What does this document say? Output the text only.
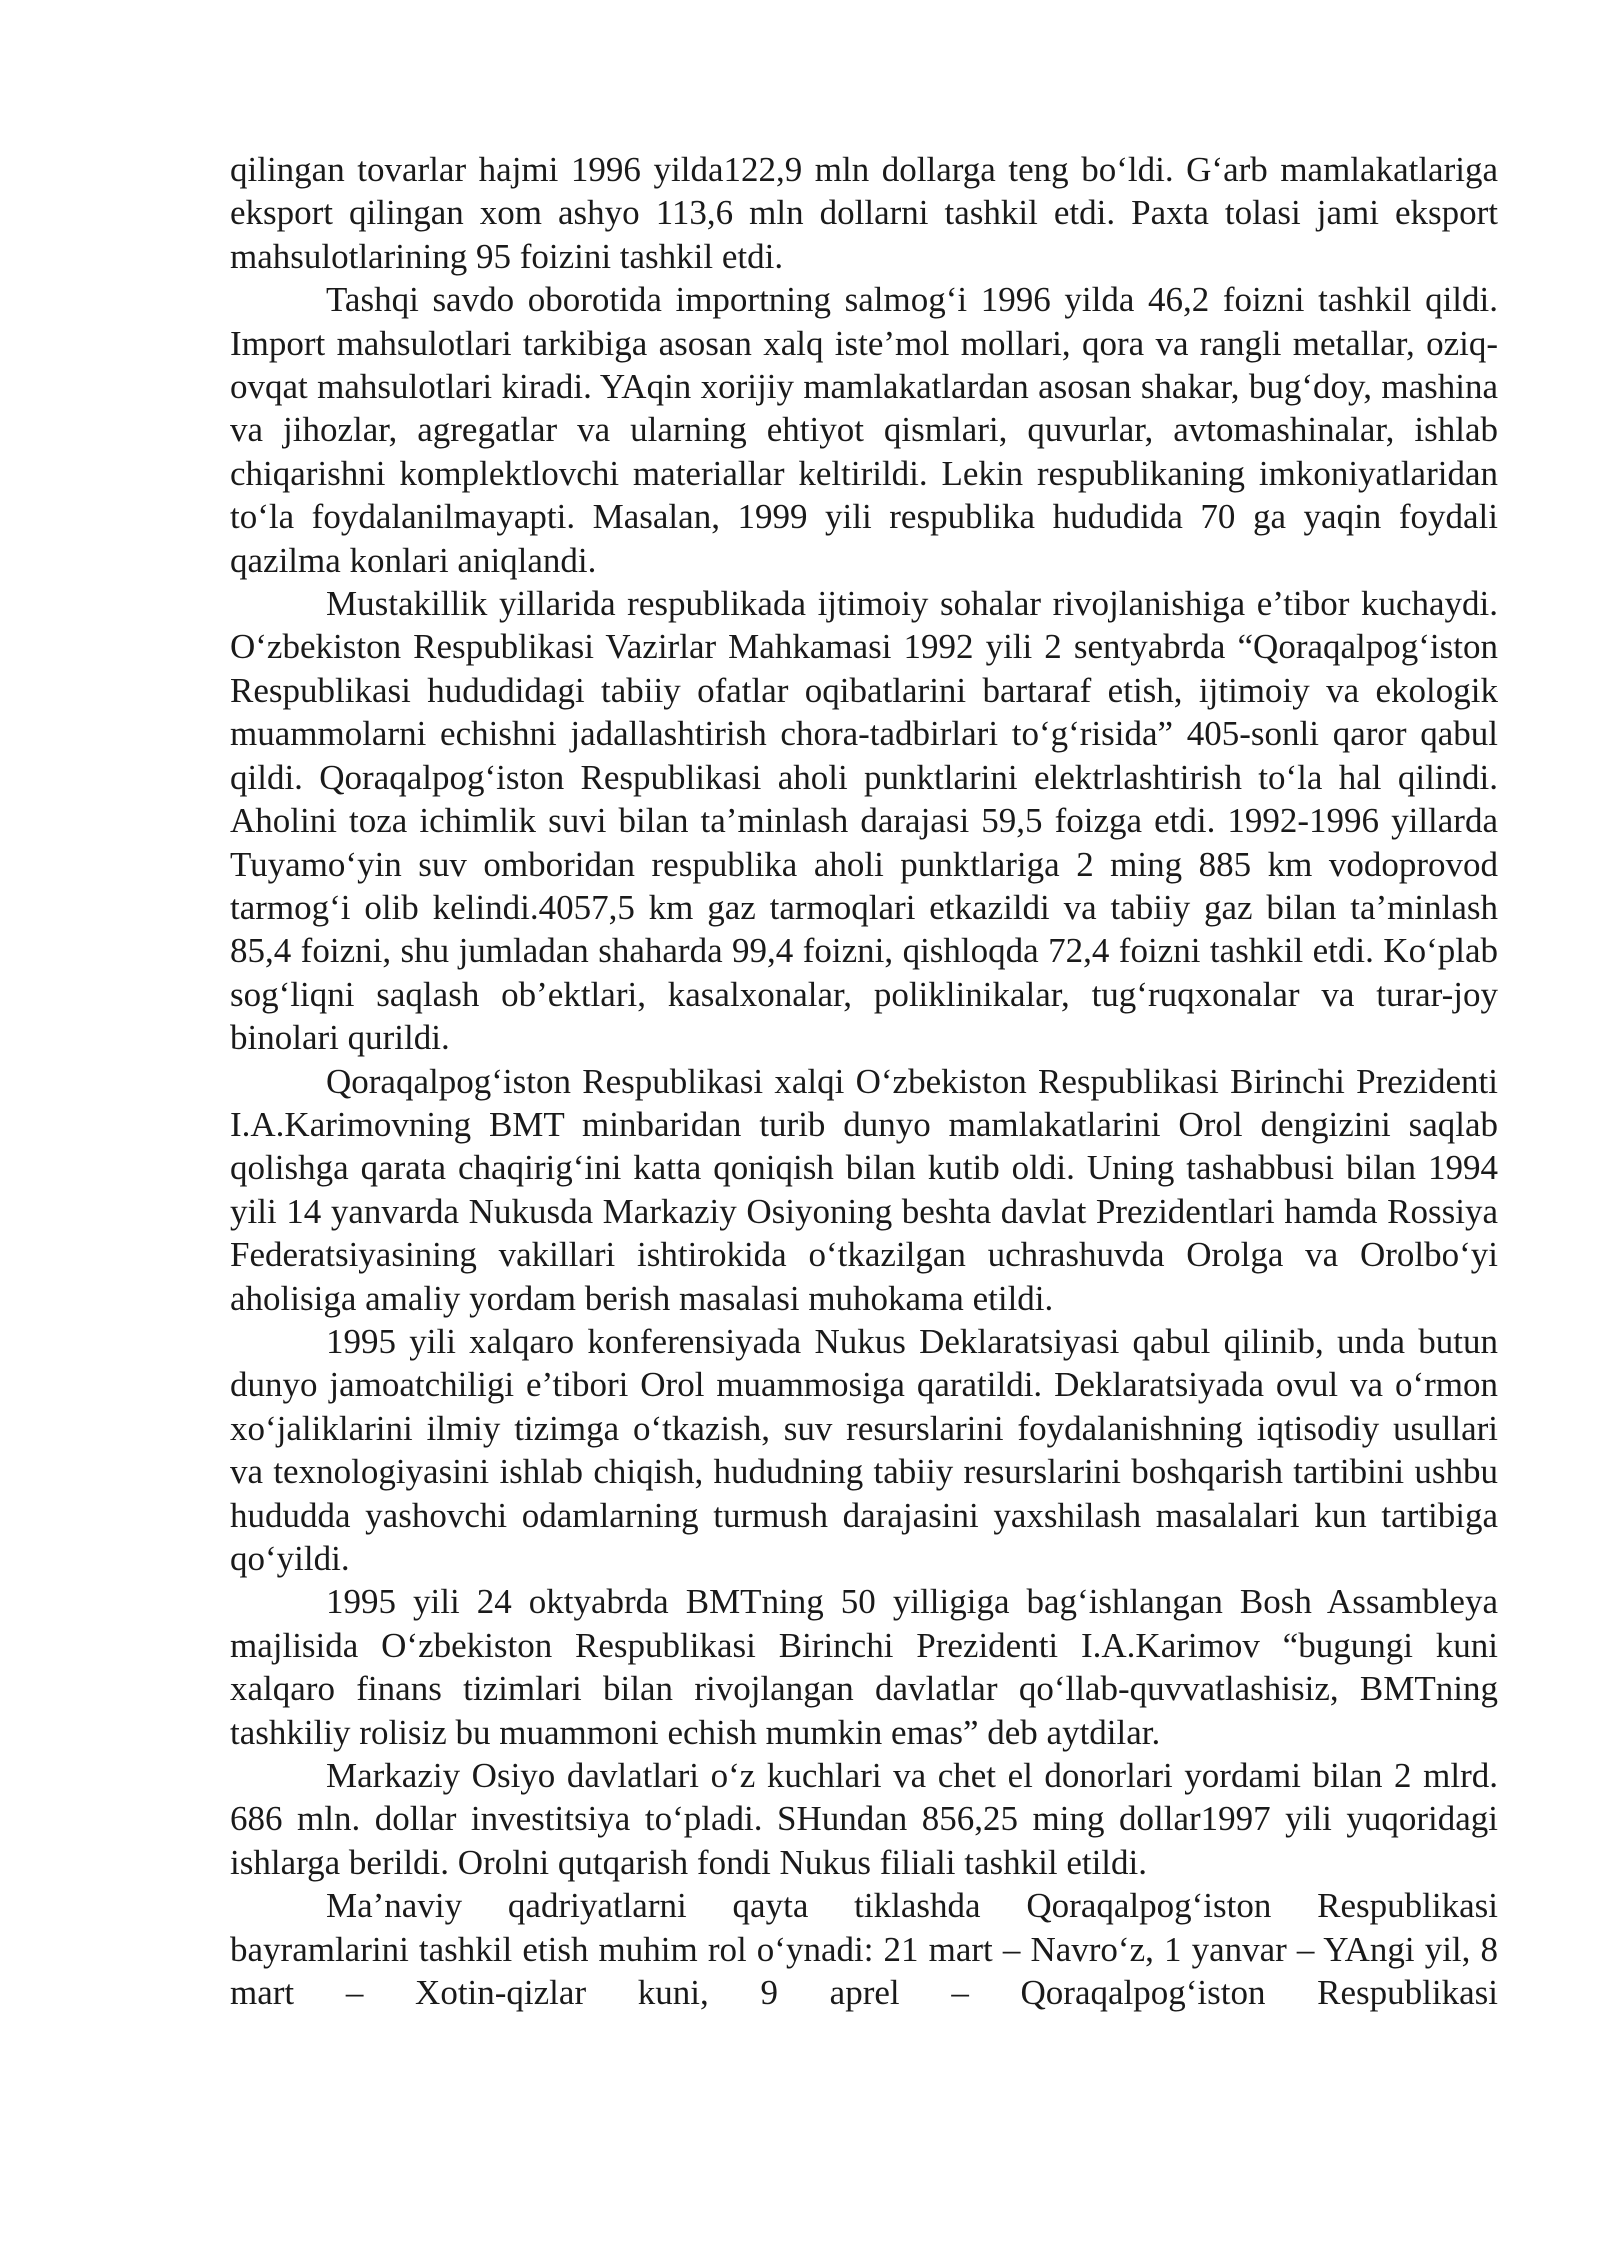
qilingan tovarlar hajmi 1996 yilda122,9 mln dollarga teng bo‘ldi. G‘arb mamlakatlariga eksport qilingan xom ashyo 113,6 mln dollarni tashkil etdi. Paxta tolasi jami eksport mahsulotlarining 95 foizini tashkil etdi.

Tashqi savdo oborotida importning salmog‘i 1996 yilda 46,2 foizni tashkil qildi. Import mahsulotlari tarkibiga asosan xalq iste’mol mollari, qora va rangli metallar, oziq-ovqat mahsulotlari kiradi. YAqin xorijiy mamlakatlardan asosan shakar, bug‘doy, mashina va jihozlar, agregatlar va ularning ehtiyot qismlari, quvurlar, avtomashinalar, ishlab chiqarishni komplektlovchi materiallar keltirildi. Lekin respublikaning imkoniyatlaridan to‘la foydalanilmayapti. Masalan, 1999 yili respublika hududida 70 ga yaqin foydali qazilma konlari aniqlandi.

Mustakillik yillarida respublikada ijtimoiy sohalar rivojlanishiga e’tibor kuchaydi. O‘zbekiston Respublikasi Vazirlar Mahkamasi 1992 yili 2 sentyabrda “Qoraqalpog‘iston Respublikasi hududidagi tabiiy ofatlar oqibatlarini bartaraf etish, ijtimoiy va ekologik muammolarni echishni jadallashtirish chora-tadbirlari to‘g‘risida” 405-sonli qaror qabul qildi. Qoraqalpog‘iston Respublikasi aholi punktlarini elektrlashtirish to‘la hal qilindi. Aholini toza ichimlik suvi bilan ta’minlash darajasi 59,5 foizga etdi. 1992-1996 yillarda Tuyamo‘yin suv omboridan respublika aholi punktlariga 2 ming 885 km vodoprovod tarmog‘i olib kelindi.4057,5 km gaz tarmoqlari etkazildi va tabiiy gaz bilan ta’minlash 85,4 foizni, shu jumladan shaharda 99,4 foizni, qishloqda 72,4 foizni tashkil etdi. Ko‘plab sog‘liqni saqlash ob’ektlari, kasalxonalar, poliklinikalar, tug‘ruqxonalar va turar-joy binolari qurildi.

Qoraqalpog‘iston Respublikasi xalqi O‘zbekiston Respublikasi Birinchi Prezidenti I.A.Karimovning BMT minbaridan turib dunyo mamlakatlarini Orol dengizini saqlab qolishga qarata chaqirig‘ini katta qoniqish bilan kutib oldi. Uning tashabbusi bilan 1994 yili 14 yanvarda Nukusda Markaziy Osiyoning beshta davlat Prezidentlari hamda Rossiya Federatsiyasining vakillari ishtirokida o‘tkazilgan uchrashuvda Orolga va Orolbo‘yi aholisiga amaliy yordam berish masalasi muhokama etildi.

1995 yili xalqaro konferensiyada Nukus Deklaratsiyasi qabul qilinib, unda butun dunyo jamoatchiligi e’tibori Orol muammosiga qaratildi. Deklaratsiyada ovul va o‘rmon xo‘jaliklarini ilmiy tizimga o‘tkazish, suv resurslarini foydalanishning iqtisodiy usullari va texnologiyasini ishlab chiqish, hududning tabiiy resurslarini boshqarish tartibini ushbu hududda yashovchi odamlarning turmush darajasini yaxshilash masalalari kun tartibiga qo‘yildi.

1995 yili 24 oktyabrda BMTning 50 yilligiga bag‘ishlangan Bosh Assambleya majlisida O‘zbekiston Respublikasi Birinchi Prezidenti I.A.Karimov “bugungi kuni xalqaro finans tizimlari bilan rivojlangan davlatlar qo‘llab-quvvatlashisiz, BMTning tashkiliy rolisiz bu muammoni echish mumkin emas” deb aytdilar.

Markaziy Osiyo davlatlari o‘z kuchlari va chet el donorlari yordami bilan 2 mlrd. 686 mln. dollar investitsiya to‘pladi. SHundan 856,25 ming dollar1997 yili yuqoridagi ishlarga berildi. Orolni qutqarish fondi Nukus filiali tashkil etildi.

Ma’naviy qadriyatlarni qayta tiklashda Qoraqalpog‘iston Respublikasi bayramlarini tashkil etish muhim rol o‘ynadi: 21 mart – Navro‘z, 1 yanvar – YAngi yil, 8 mart – Xotin-qizlar kuni, 9 aprel – Qoraqalpog‘iston Respublikasi
